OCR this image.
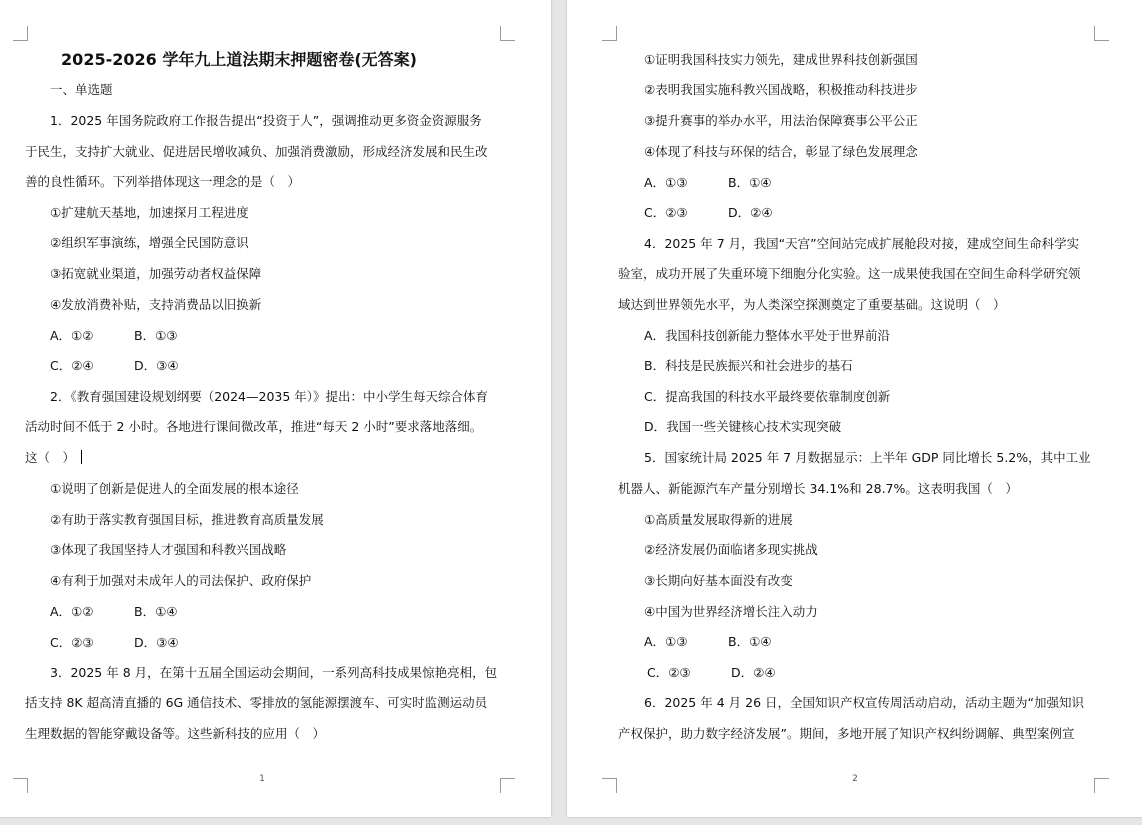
2025-2026 学年九上道法期末押题密卷(无答案)
一、单选题
1．2025 年国务院政府工作报告提出“投资于人”，强调推动更多资金资源服务
于民生，支持扩大就业、促进居民增收减负、加强消费激励，形成经济发展和民生改
善的良性循环。下列举措体现这一理念的是（　）
①扩建航天基地，加速探月工程进度
②组织军事演练，增强全民国防意识
③拓宽就业渠道，加强劳动者权益保障
④发放消费补贴，支持消费品以旧换新
A．①②	B．①③
C．②④	D．③④
2．《教育强国建设规划纲要（2024—2035 年）》提出：中小学生每天综合体育
活动时间不低于 2 小时。各地进行课间微改革，推进“每天 2 小时”要求落地落细。
这（　）
①说明了创新是促进人的全面发展的根本途径
②有助于落实教育强国目标，推进教育高质量发展
③体现了我国坚持人才强国和科教兴国战略
④有利于加强对未成年人的司法保护、政府保护
A．①②	B．①④
C．②③	D．③④
3．2025 年 8 月，在第十五届全国运动会期间，一系列高科技成果惊艳亮相，包
括支持 8K 超高清直播的 6G 通信技术、零排放的氢能源摆渡车、可实时监测运动员
生理数据的智能穿戴设备等。这些新科技的应用（　）
1
①证明我国科技实力领先，建成世界科技创新强国
②表明我国实施科教兴国战略，积极推动科技进步
③提升赛事的举办水平，用法治保障赛事公平公正
④体现了科技与环保的结合，彰显了绿色发展理念
A．①③	B．①④
C．②③	D．②④
4．2025 年 7 月，我国“天宫”空间站完成扩展舱段对接，建成空间生命科学实
验室，成功开展了失重环境下细胞分化实验。这一成果使我国在空间生命科学研究领
域达到世界领先水平，为人类深空探测奠定了重要基础。这说明（　）
A．我国科技创新能力整体水平处于世界前沿
B．科技是民族振兴和社会进步的基石
C．提高我国的科技水平最终要依靠制度创新
D．我国一些关键核心技术实现突破
5．国家统计局 2025 年 7 月数据显示：上半年 GDP 同比增长 5.2%，其中工业
机器人、新能源汽车产量分别增长 34.1%和 28.7%。这表明我国（　）
①高质量发展取得新的进展
②经济发展仍面临诸多现实挑战
③长期向好基本面没有改变
④中国为世界经济增长注入动力
A．①③	B．①④
C．②③	D．②④
6．2025 年 4 月 26 日，全国知识产权宣传周活动启动，活动主题为“加强知识
产权保护，助力数字经济发展”。期间，多地开展了知识产权纠纷调解、典型案例宣
2
